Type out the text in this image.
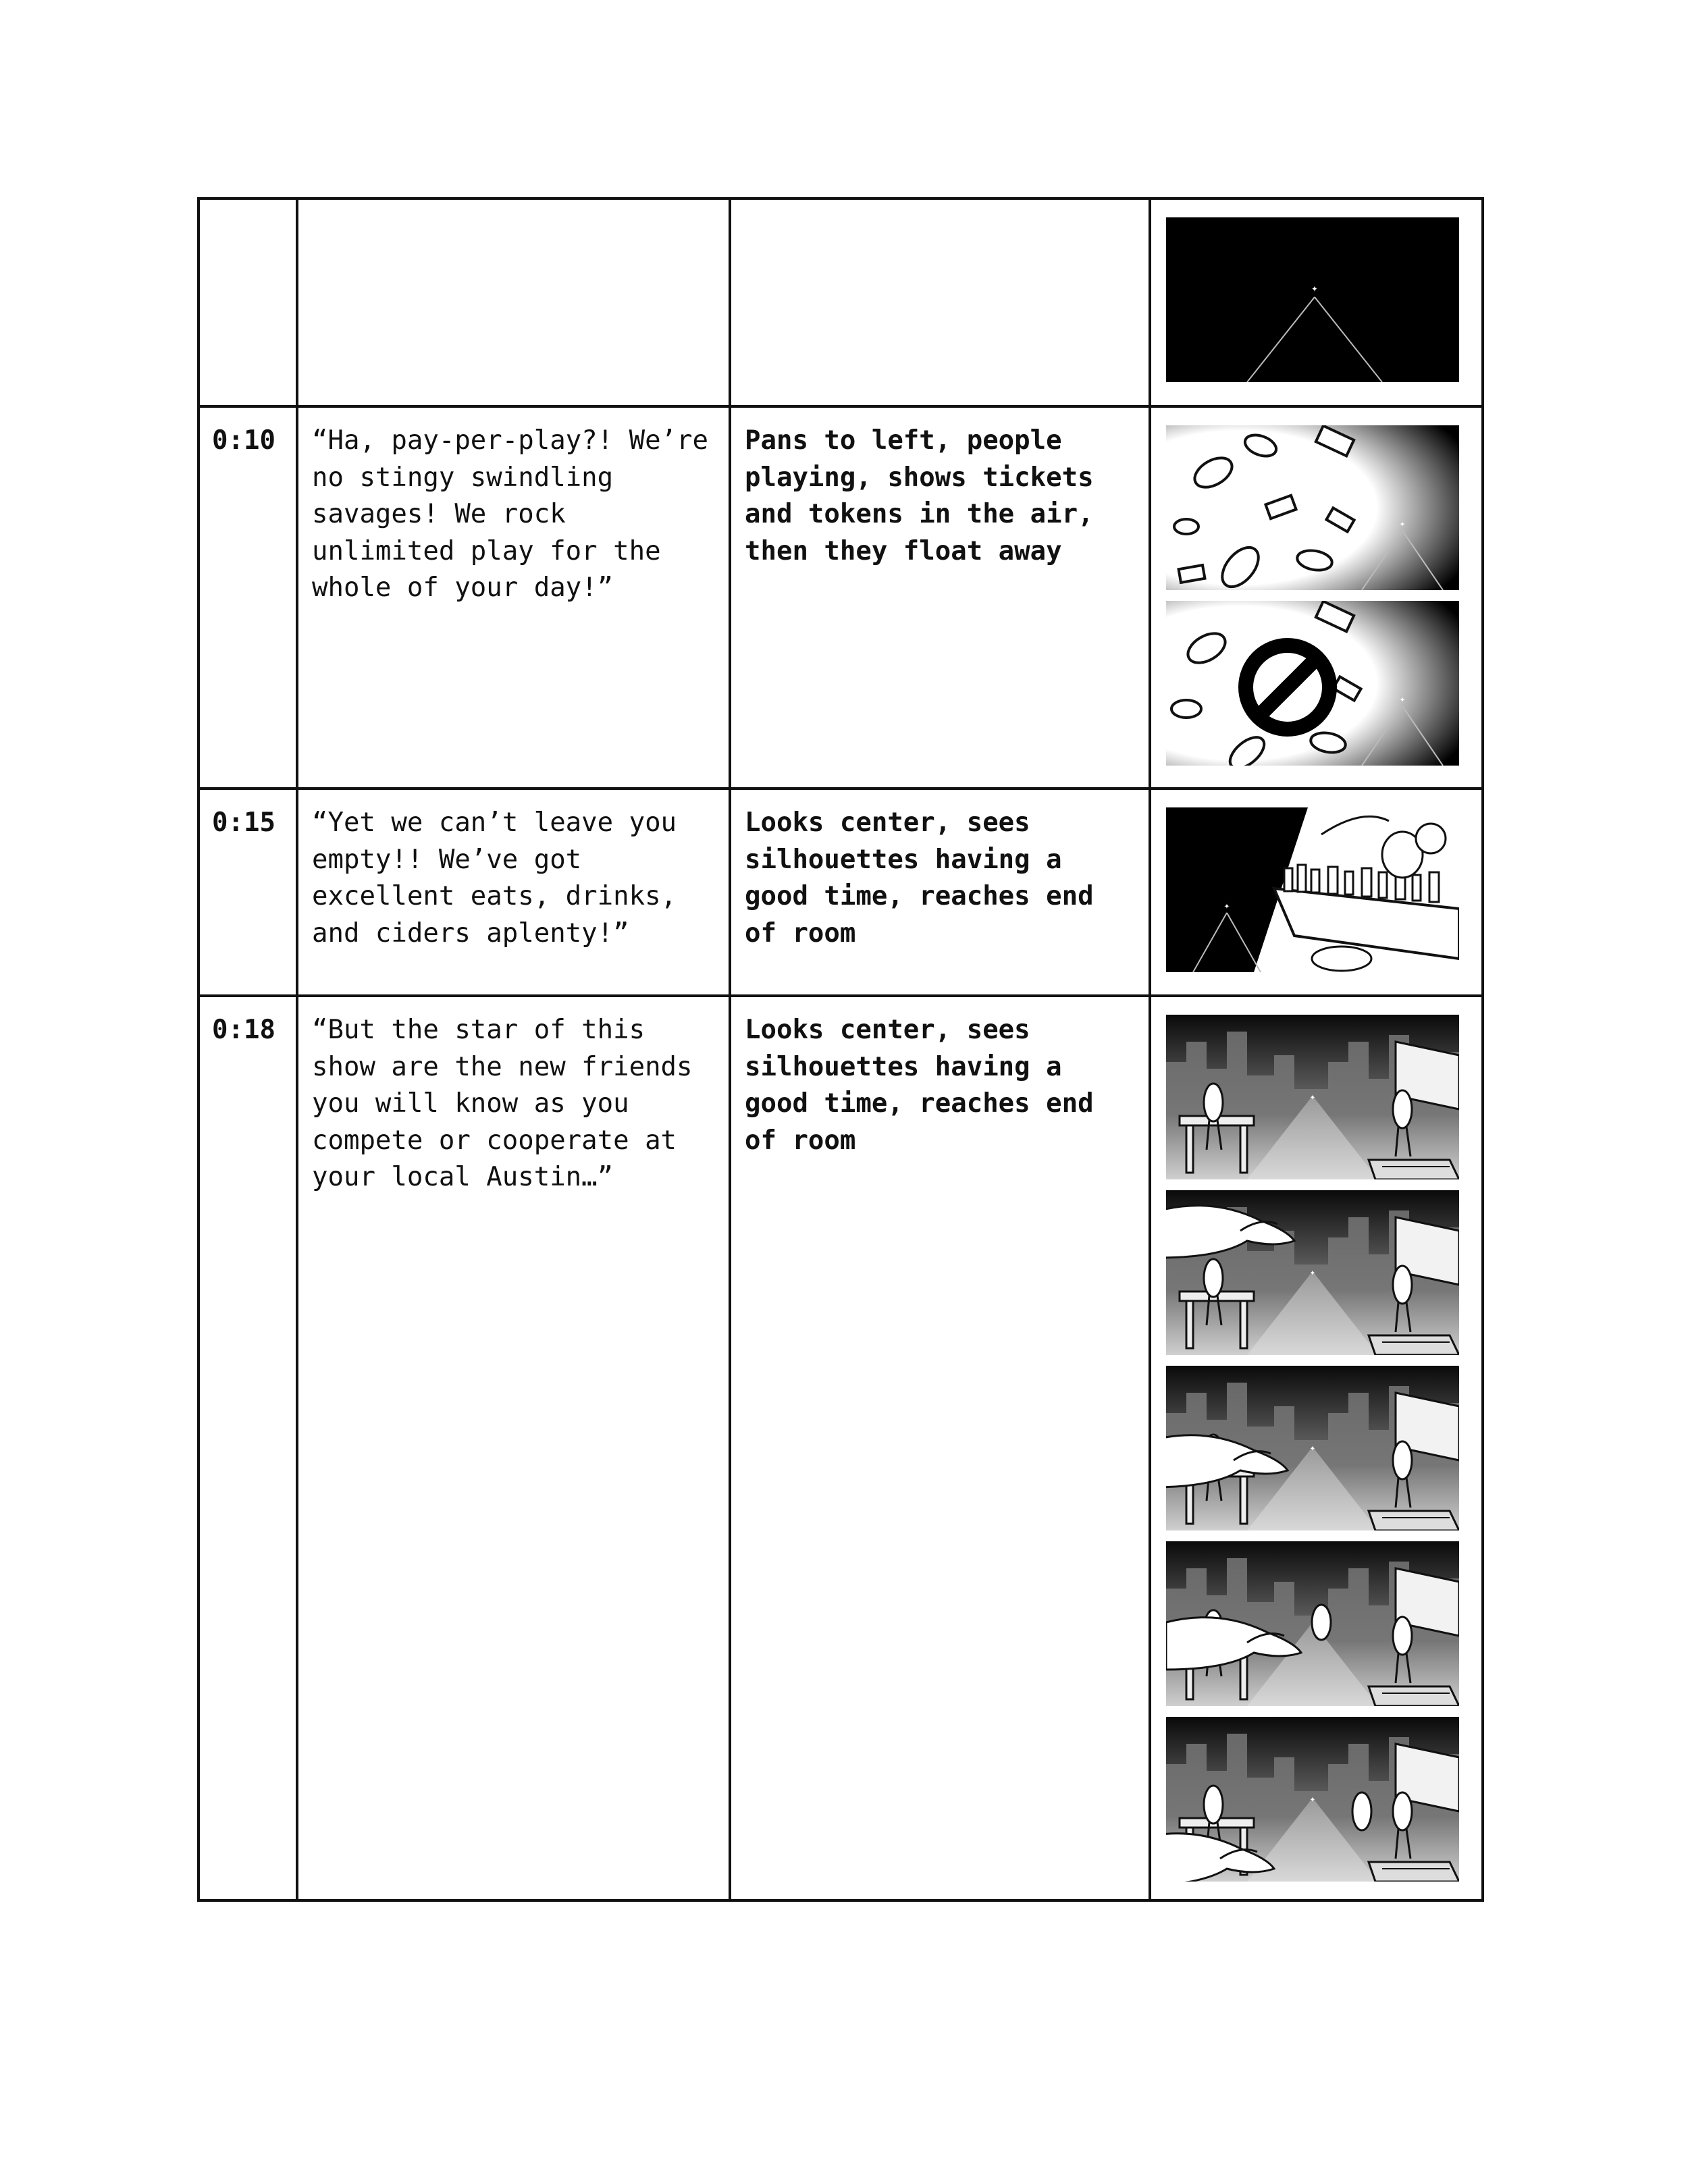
✦

0:10	“Ha, pay-per-play?! We’re no stingy swindling savages! We rock unlimited play for the whole of your day!”	Pans to left, people playing, shows tickets and tokens in the air, then they float away	✦
✦

0:15	“Yet we can’t leave you empty!! We’ve got excellent eats, drinks, and ciders aplenty!”	Looks center, sees silhouettes having a good time, reaches end of room	✦

0:18	“But the star of this show are the new friends you will know as you compete or cooperate at your local Austin…”	Looks center, sees silhouettes having a good time, reaches end of room
